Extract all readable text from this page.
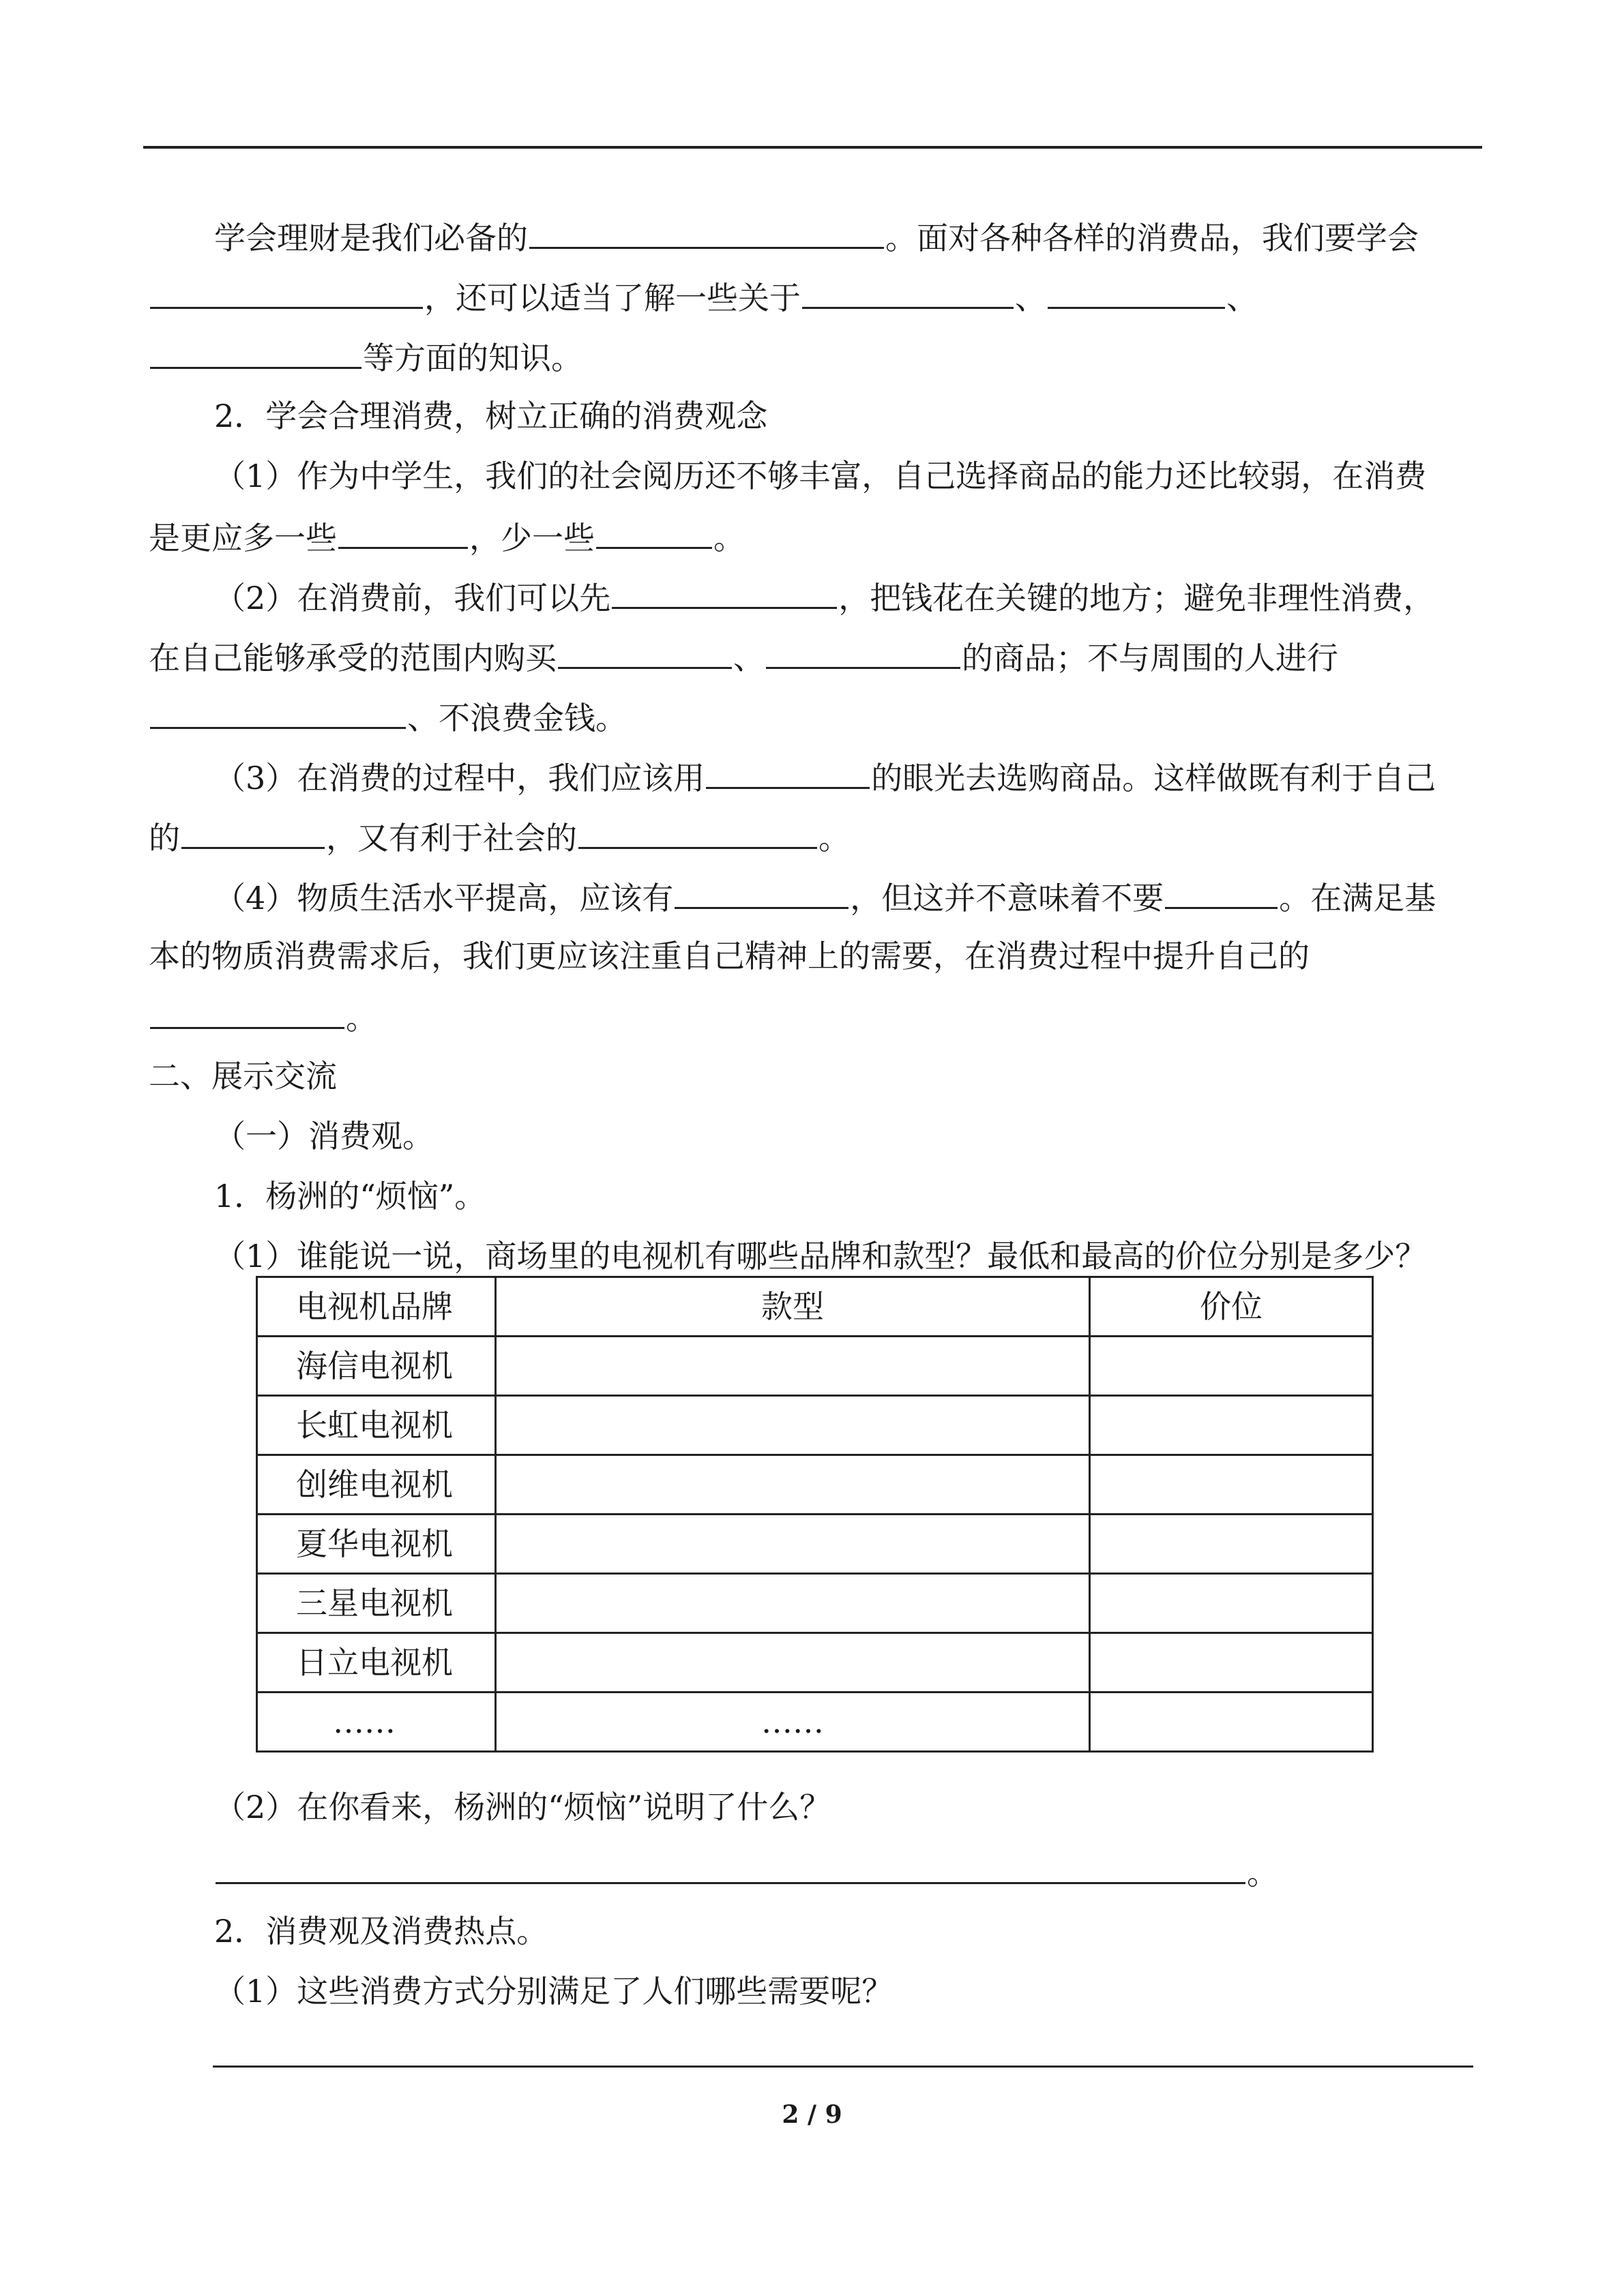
学会理财是我们必备的	。面对各种各样的消费品，我们要学会
，还可以适当了解一些关于	、	、
等方面的知识。
2．学会合理消费，树立正确的消费观念
（1）作为中学生，我们的社会阅历还不够丰富，自己选择商品的能力还比较弱，在消费
是更应多一些	，少一些	。
（2）在消费前，我们可以先	，把钱花在关键的地方；避免非理性消费，
在自己能够承受的范围内购买	、	的商品；不与周围的人进行
、不浪费金钱。
（3）在消费的过程中，我们应该用	的眼光去选购商品。这样做既有利于自己
的	，又有利于社会的	。
（4）物质生活水平提高，应该有	，但这并不意味着不要	。在满足基
本的物质消费需求后，我们更应该注重自己精神上的需要，在消费过程中提升自己的
。
二、展示交流
（一）消费观。
1．杨洲的“烦恼”。
（1）谁能说一说，商场里的电视机有哪些品牌和款型？最低和最高的价位分别是多少？
电视机品牌	款型	价位
海信电视机		
长虹电视机		
创维电视机		
夏华电视机		
三星电视机		
日立电视机		
……	……	
（2）在你看来，杨洲的“烦恼”说明了什么？
。
2．消费观及消费热点。
（1）这些消费方式分别满足了人们哪些需要呢？
2 / 9
